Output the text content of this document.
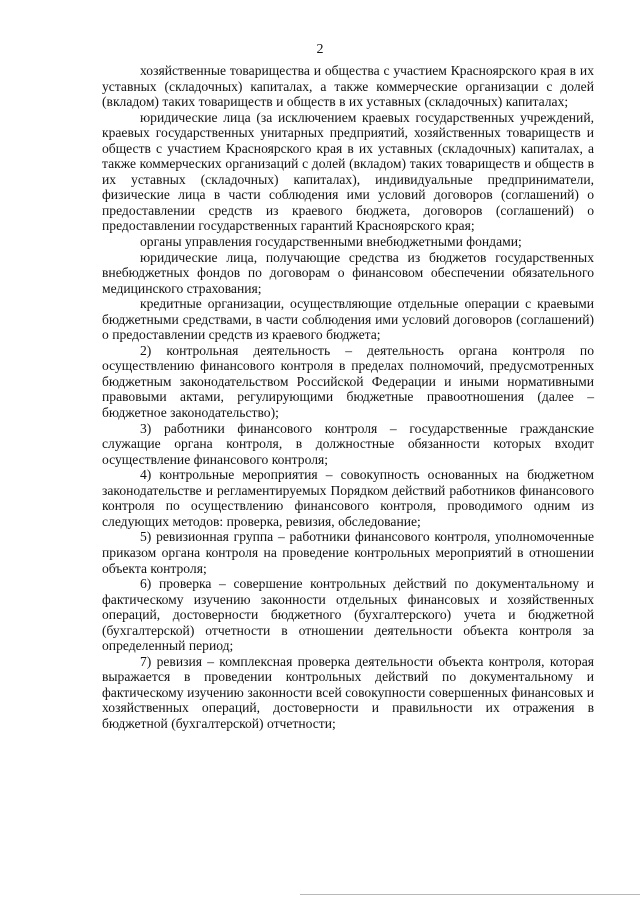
2

хозяйственные товарищества и общества с участием Красноярского края в их уставных (складочных) капиталах, а также коммерческие организации с долей (вкладом) таких товариществ и обществ в их уставных (складочных) капиталах;

юридические лица (за исключением краевых государственных учреждений, краевых государственных унитарных предприятий, хозяйственных товариществ и обществ с участием Красноярского края в их уставных (складочных) капиталах, а также коммерческих организаций с долей (вкладом) таких товариществ и обществ в их уставных (складочных) капиталах), индивидуальные предприниматели, физические лица в части соблюдения ими условий договоров (соглашений) о предоставлении средств из краевого бюджета, договоров (соглашений) о предоставлении государственных гарантий Красноярского края;

органы управления государственными внебюджетными фондами;

юридические лица, получающие средства из бюджетов государственных внебюджетных фондов по договорам о финансовом обеспечении обязательного медицинского страхования;

кредитные организации, осуществляющие отдельные операции с краевыми бюджетными средствами, в части соблюдения ими условий договоров (соглашений) о предоставлении средств из краевого бюджета;

2) контрольная деятельность – деятельность органа контроля по осуществлению финансового контроля в пределах полномочий, предусмотренных бюджетным законодательством Российской Федерации и иными нормативными правовыми актами, регулирующими бюджетные правоотношения (далее – бюджетное законодательство);

3) работники финансового контроля – государственные гражданские служащие органа контроля, в должностные обязанности которых входит осуществление финансового контроля;

4) контрольные мероприятия – совокупность основанных на бюджетном законодательстве и регламентируемых Порядком действий работников финансового контроля по осуществлению финансового контроля, проводимого одним из следующих методов: проверка, ревизия, обследование;

5) ревизионная группа – работники финансового контроля, уполномоченные приказом органа контроля на проведение контрольных мероприятий в отношении объекта контроля;

6) проверка – совершение контрольных действий по документальному и фактическому изучению законности отдельных финансовых и хозяйственных операций, достоверности бюджетного (бухгалтерского) учета и бюджетной (бухгалтерской) отчетности в отношении деятельности объекта контроля за определенный период;

7) ревизия – комплексная проверка деятельности объекта контроля, которая выражается в проведении контрольных действий по документальному и фактическому изучению законности всей совокупности совершенных финансовых и хозяйственных операций, достоверности и правильности их отражения в бюджетной (бухгалтерской) отчетности;
